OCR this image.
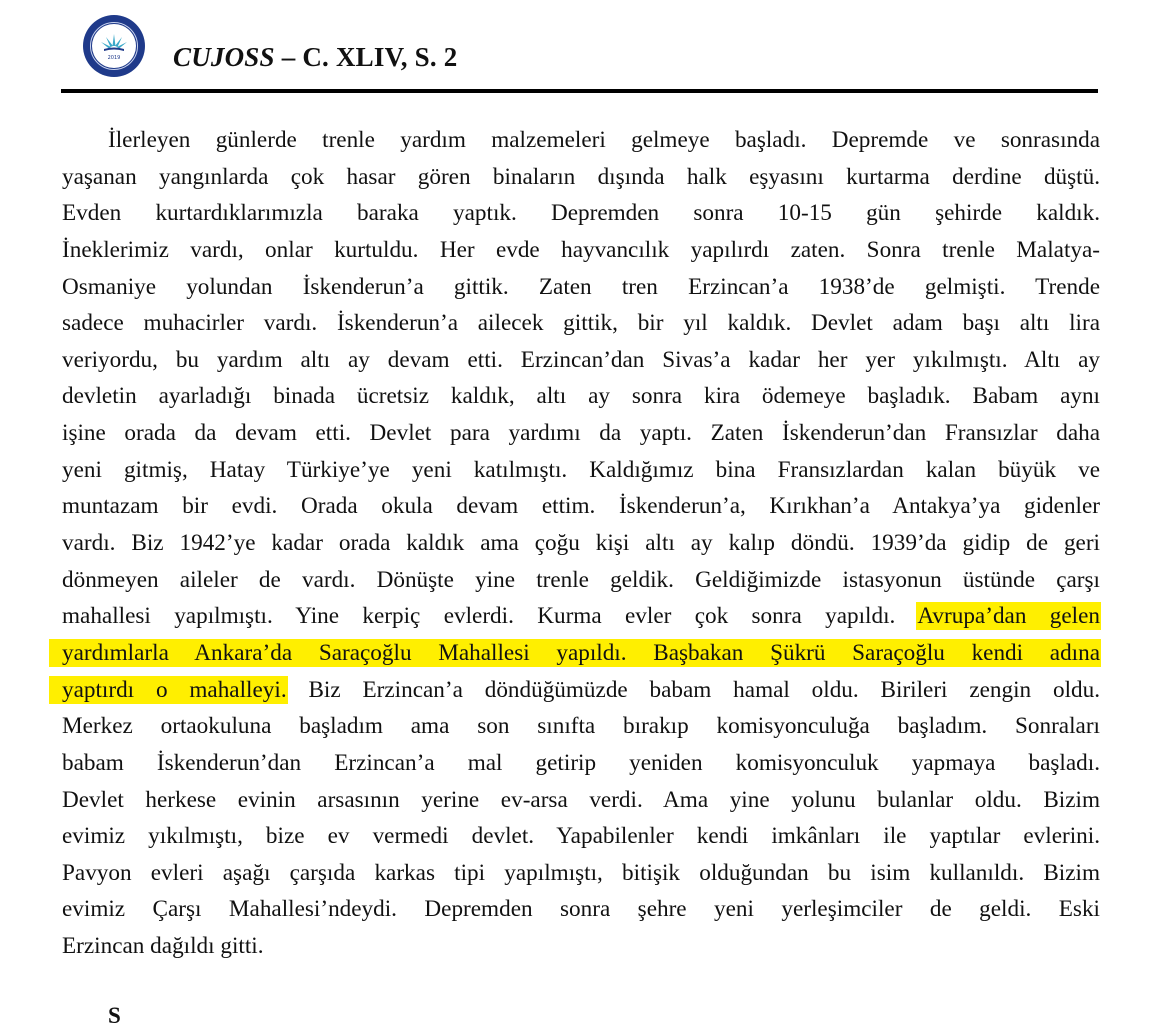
2019 CUJOSS – C. XLIV, S. 2
İlerleyen günlerde trenle yardım malzemeleri gelmeye başladı. Depremde ve sonrasında
yaşanan yangınlarda çok hasar gören binaların dışında halk eşyasını kurtarma derdine düştü.
Evden kurtardıklarımızla baraka yaptık. Depremden sonra 10-15 gün şehirde kaldık.
İneklerimiz vardı, onlar kurtuldu. Her evde hayvancılık yapılırdı zaten. Sonra trenle Malatya-
Osmaniye yolundan İskenderun’a gittik. Zaten tren Erzincan’a 1938’de gelmişti. Trende
sadece muhacirler vardı. İskenderun’a ailecek gittik, bir yıl kaldık. Devlet adam başı altı lira
veriyordu, bu yardım altı ay devam etti. Erzincan’dan Sivas’a kadar her yer yıkılmıştı. Altı ay
devletin ayarladığı binada ücretsiz kaldık, altı ay sonra kira ödemeye başladık. Babam aynı
işine orada da devam etti. Devlet para yardımı da yaptı. Zaten İskenderun’dan Fransızlar daha
yeni gitmiş, Hatay Türkiye’ye yeni katılmıştı. Kaldığımız bina Fransızlardan kalan büyük ve
muntazam bir evdi. Orada okula devam ettim. İskenderun’a, Kırıkhan’a Antakya’ya gidenler
vardı. Biz 1942’ye kadar orada kaldık ama çoğu kişi altı ay kalıp döndü. 1939’da gidip de geri
dönmeyen aileler de vardı. Dönüşte yine trenle geldik. Geldiğimizde istasyonun üstünde çarşı
mahallesi yapılmıştı. Yine kerpiç evlerdi. Kurma evler çok sonra yapıldı. Avrupa’dan gelen
yardımlarla Ankara’da Saraçoğlu Mahallesi yapıldı. Başbakan Şükrü Saraçoğlu kendi adına
yaptırdı o mahalleyi. Biz Erzincan’a döndüğümüzde babam hamal oldu. Birileri zengin oldu.
Merkez ortaokuluna başladım ama son sınıfta bırakıp komisyonculuğa başladım. Sonraları
babam İskenderun’dan Erzincan’a mal getirip yeniden komisyonculuk yapmaya başladı.
Devlet herkese evinin arsasının yerine ev-arsa verdi. Ama yine yolunu bulanlar oldu. Bizim
evimiz yıkılmıştı, bize ev vermedi devlet. Yapabilenler kendi imkânları ile yaptılar evlerini.
Pavyon evleri aşağı çarşıda karkas tipi yapılmıştı, bitişik olduğundan bu isim kullanıldı. Bizim
evimiz Çarşı Mahallesi’ndeydi. Depremden sonra şehre yeni yerleşimciler de geldi. Eski
Erzincan dağıldı gitti.
S
